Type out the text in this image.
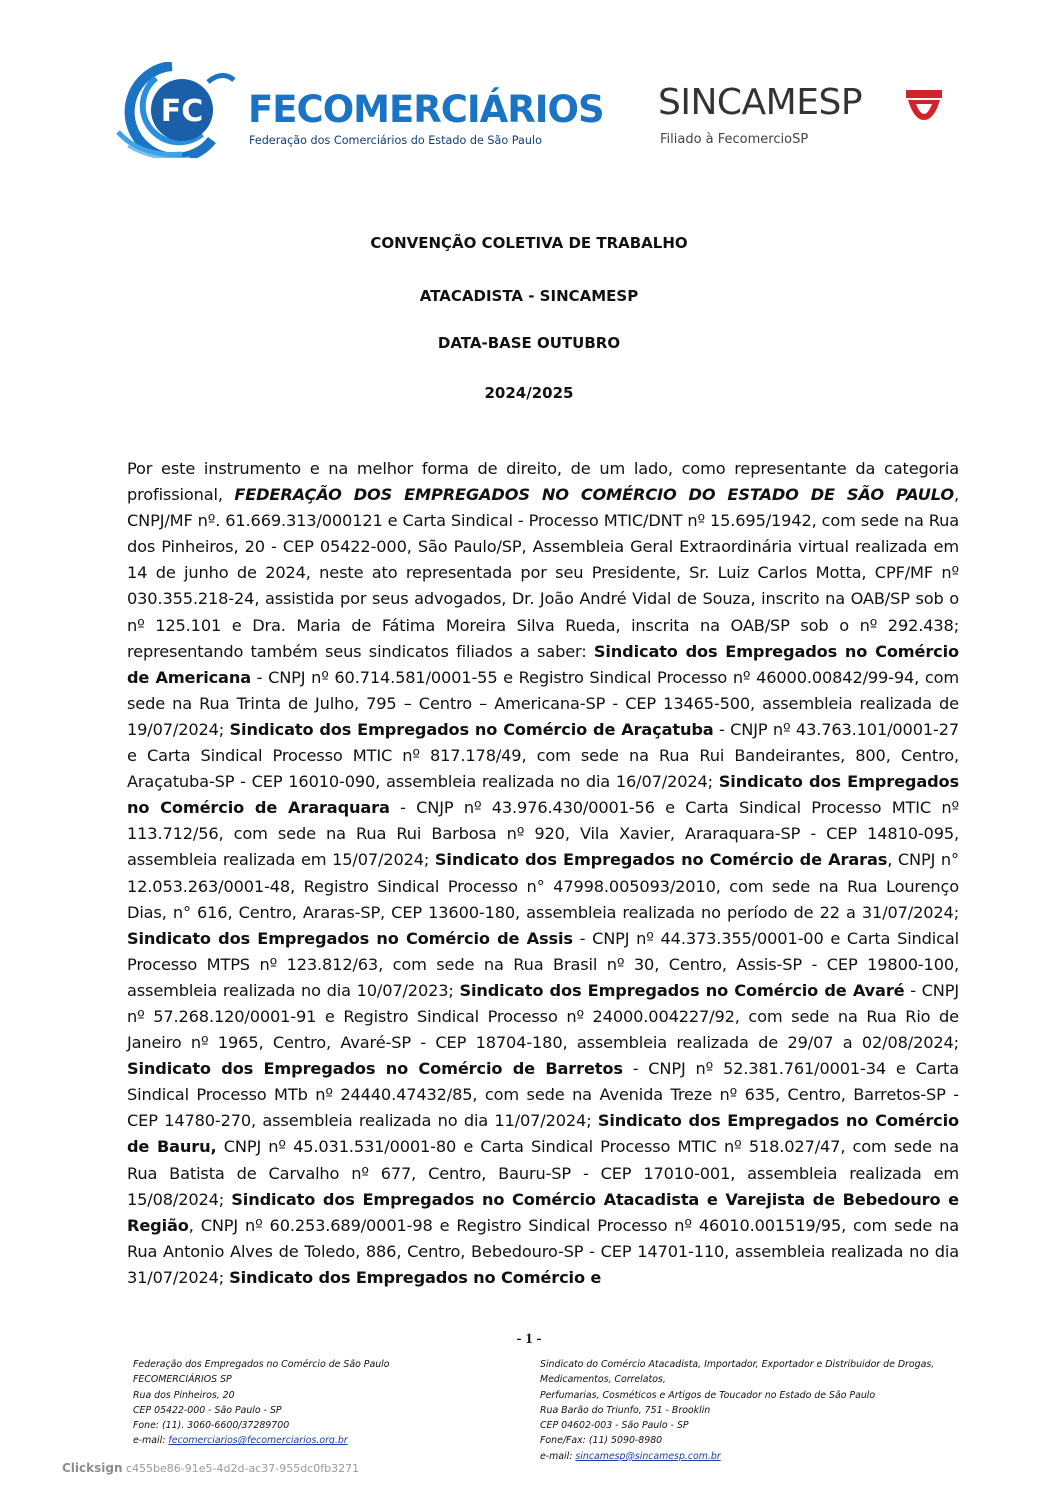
FC FECOMERCIÁRIOS
Federação dos Comerciários do Estado de São Paulo
SINCAMESP
Filiado à FecomercioSP
CONVENÇÃO COLETIVA DE TRABALHO
ATACADISTA - SINCAMESP
DATA-BASE OUTUBRO
2024/2025
Por este instrumento e na melhor forma de direito, de um lado, como representante da categoria profissional, FEDERAÇÃO DOS EMPREGADOS NO COMÉRCIO DO ESTADO DE SÃO PAULO, CNPJ/MF nº. 61.669.313/000121 e Carta Sindical - Processo MTIC/DNT nº 15.695/1942, com sede na Rua dos Pinheiros, 20 - CEP 05422-000, São Paulo/SP, Assembleia Geral Extraordinária virtual realizada em 14 de junho de 2024, neste ato representada por seu Presidente, Sr. Luiz Carlos Motta, CPF/MF nº 030.355.218-24, assistida por seus advogados, Dr. João André Vidal de Souza, inscrito na OAB/SP sob o nº 125.101 e Dra. Maria de Fátima Moreira Silva Rueda, inscrita na OAB/SP sob o nº 292.438; representando também seus sindicatos filiados a saber: Sindicato dos Empregados no Comércio de Americana - CNPJ nº 60.714.581/0001-55 e Registro Sindical Processo nº 46000.00842/99-94, com sede na Rua Trinta de Julho, 795 – Centro – Americana-SP - CEP 13465-500, assembleia realizada de 19/07/2024; Sindicato dos Empregados no Comércio de Araçatuba - CNJP nº 43.763.101/0001-27 e Carta Sindical Processo MTIC nº 817.178/49, com sede na Rua Rui Bandeirantes, 800, Centro, Araçatuba-SP - CEP 16010-090, assembleia realizada no dia 16/07/2024; Sindicato dos Empregados no Comércio de Araraquara - CNJP nº 43.976.430/0001-56 e Carta Sindical Processo MTIC nº 113.712/56, com sede na Rua Rui Barbosa nº 920, Vila Xavier, Araraquara-SP - CEP 14810-095, assembleia realizada em 15/07/2024; Sindicato dos Empregados no Comércio de Araras, CNPJ n° 12.053.263/0001-48, Registro Sindical Processo n° 47998.005093/2010, com sede na Rua Lourenço Dias, n° 616, Centro, Araras-SP, CEP 13600-180, assembleia realizada no período de 22 a 31/07/2024; Sindicato dos Empregados no Comércio de Assis - CNPJ nº 44.373.355/0001-00 e Carta Sindical Processo MTPS nº 123.812/63, com sede na Rua Brasil nº 30, Centro, Assis-SP - CEP 19800-100, assembleia realizada no dia 10/07/2023; Sindicato dos Empregados no Comércio de Avaré - CNPJ nº 57.268.120/0001-91 e Registro Sindical Processo nº 24000.004227/92, com sede na Rua Rio de Janeiro nº 1965, Centro, Avaré-SP - CEP 18704-180, assembleia realizada de 29/07 a 02/08/2024; Sindicato dos Empregados no Comércio de Barretos - CNPJ nº 52.381.761/0001-34 e Carta Sindical Processo MTb nº 24440.47432/85, com sede na Avenida Treze nº 635, Centro, Barretos-SP - CEP 14780-270, assembleia realizada no dia 11/07/2024; Sindicato dos Empregados no Comércio de Bauru, CNPJ nº 45.031.531/0001-80 e Carta Sindical Processo MTIC nº 518.027/47, com sede na Rua Batista de Carvalho nº 677, Centro, Bauru-SP - CEP 17010-001, assembleia realizada em 15/08/2024; Sindicato dos Empregados no Comércio Atacadista e Varejista de Bebedouro e Região, CNPJ nº 60.253.689/0001-98 e Registro Sindical Processo nº 46010.001519/95, com sede na Rua Antonio Alves de Toledo, 886, Centro, Bebedouro-SP - CEP 14701-110, assembleia realizada no dia 31/07/2024; Sindicato dos Empregados no Comércio e
- 1 -
Federação dos Empregados no Comércio de São Paulo
FECOMERCIÁRIOS SP
Rua dos Pinheiros, 20
CEP 05422-000 - São Paulo - SP
Fone: (11). 3060-6600/37289700
e-mail: fecomerciarios@fecomerciarios.org.br
Sindicato do Comércio Atacadista, Importador, Exportador e Distribuidor de Drogas,
Medicamentos, Correlatos,
Perfumarias, Cosméticos e Artigos de Toucador no Estado de São Paulo
Rua Barão do Triunfo, 751 - Brooklin
CEP 04602-003 - São Paulo - SP
Fone/Fax: (11) 5090-8980
e-mail: sincamesp@sincamesp.com.br
Clicksign c455be86-91e5-4d2d-ac37-955dc0fb3271
